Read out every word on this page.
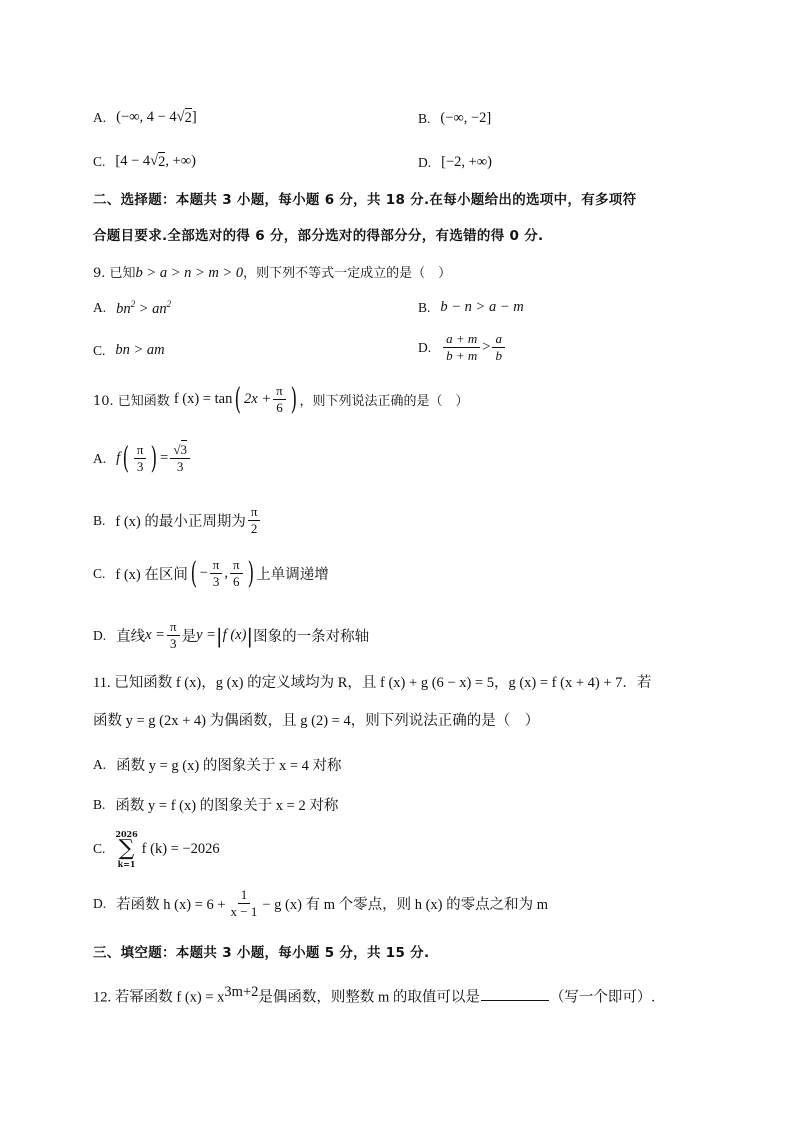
A. (−∞, 4 − 4 √ 2 ]	B. (−∞, −2]
C. [4 − 4 √ 2 , +∞)	D. [−2, +∞)
二、选择题：本题共 3 小题，每小题 6 分，共 18 分.在每小题给出的选项中，有多项符
合题目要求.全部选对的得 6 分，部分选对的得部分分，有选错的得 0 分.
9. 已知b > a > n > m > 0，则下列不等式一定成立的是（　）
A. $bn^2 > an^2$	B. b − n > a − m
C. bn > am	D. $\frac{a + m}{b + m} > \frac{a}{b}$
10. 已知函数 f (x) = tan ( $2x + \frac{\pi}{6}$ ) ，则下列说法正确的是（　）
A. f ( $\frac{\pi}{3}$ ) = $\frac{√3}{3}$
B. f (x) 的最小正周期为 $\frac{\pi}{2}$
C. f (x) 在区间 ( − $\frac{\pi}{3}$ , $\frac{\pi}{6}$ ) 上单调递增
D. 直线 $x = \frac{\pi}{3}$ 是 y = | f (x) | 图象的一条对称轴
11. 已知函数 f (x)，g (x) 的定义域均为 R，且 f (x) + g (6 − x) = 5，g (x) = f (x + 4) + 7．若
函数 y = g (2x + 4) 为偶函数，且 g (2) = 4，则下列说法正确的是（　）
A. 函数 y = g (x) 的图象关于 x = 4 对称
B. 函数 y = f (x) 的图象关于 x = 2 对称
C.
2026
∑
k=1
f (k) = −2026
D. 若函数 h $(x) = 6 + \frac{1}{x - 1} - g$ (x) 有 m 个零点，则 h (x) 的零点之和为 m
三、填空题：本题共 3 小题，每小题 5 分，共 15 分.
12. 若幂函数 f $(x) = x^{3m+2}$是偶函数，则整数 m 的取值可以是	（写一个即可）.
